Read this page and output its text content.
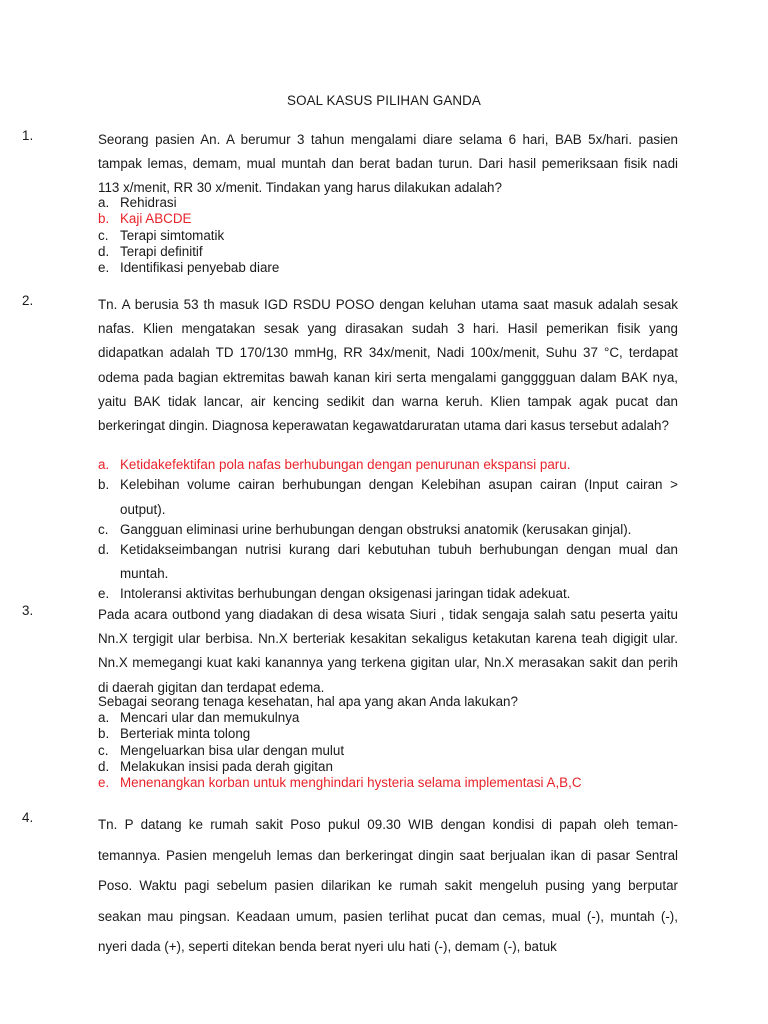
SOAL KASUS PILIHAN GANDA
1.	Seorang pasien An. A berumur 3 tahun mengalami diare selama 6 hari, BAB 5x/hari. pasien tampak lemas, demam, mual muntah dan berat badan turun. Dari hasil pemeriksaan fisik nadi 113 x/menit, RR 30 x/menit. Tindakan yang harus dilakukan adalah?

a. Rehidrasi
b. Kaji ABCDE
c. Terapi simtomatik
d. Terapi definitif
e. Identifikasi penyebab diare
2.	Tn. A berusia 53 th masuk IGD RSDU POSO dengan keluhan utama saat masuk adalah sesak nafas. Klien mengatakan sesak yang dirasakan sudah 3 hari. Hasil pemerikan fisik yang didapatkan adalah TD 170/130 mmHg, RR 34x/menit, Nadi 100x/menit, Suhu 37 °C, terdapat odema pada bagian ektremitas bawah kanan kiri serta mengalami gangggguan dalam BAK nya, yaitu BAK tidak lancar, air kencing sedikit dan warna keruh. Klien tampak agak pucat dan berkeringat dingin. Diagnosa keperawatan kegawatdaruratan utama dari kasus tersebut adalah?

a. Ketidakefektifan pola nafas berhubungan dengan penurunan ekspansi paru.
b. Kelebihan volume cairan berhubungan dengan Kelebihan asupan cairan (Input cairan > output).
c. Gangguan eliminasi urine berhubungan dengan obstruksi anatomik (kerusakan ginjal).
d. Ketidakseimbangan nutrisi kurang dari kebutuhan tubuh berhubungan dengan mual dan muntah.
e. Intoleransi aktivitas berhubungan dengan oksigenasi jaringan tidak adekuat.
3.	Pada acara outbond yang diadakan di desa wisata Siuri , tidak sengaja salah satu peserta yaitu Nn.X tergigit ular berbisa. Nn.X berteriak kesakitan sekaligus ketakutan karena teah digigit ular. Nn.X memegangi kuat kaki kanannya yang terkena gigitan ular, Nn.X merasakan sakit dan perih di daerah gigitan dan terdapat edema.

Sebagai seorang tenaga kesehatan, hal apa yang akan Anda lakukan?

a. Mencari ular dan memukulnya
b. Berteriak minta tolong
c. Mengeluarkan bisa ular dengan mulut
d. Melakukan insisi pada derah gigitan
e. Menenangkan korban untuk menghindari hysteria selama implementasi A,B,C
4.	Tn. P datang ke rumah sakit Poso pukul 09.30 WIB dengan kondisi di papah oleh teman-temannya. Pasien mengeluh lemas dan berkeringat dingin saat berjualan ikan di pasar Sentral Poso. Waktu pagi sebelum pasien dilarikan ke rumah sakit mengeluh pusing yang berputar seakan mau pingsan. Keadaan umum, pasien terlihat pucat dan cemas, mual (-), muntah (-), nyeri dada (+), seperti ditekan benda berat nyeri ulu hati (-), demam (-), batuk
